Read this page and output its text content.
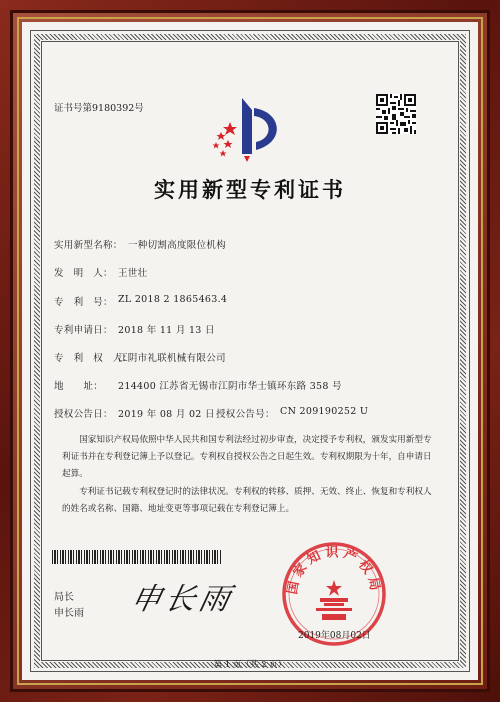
证书号第9180392号
实用新型专利证书
实用新型名称： 一种切割高度限位机构
发　明　人： 王世壮
专　利　号： ZL 2018 2 1865463.4
专利申请日： 2018 年 11 月 13 日
专　利　权　人：
江阴市礼联机械有限公司
地　　址： 214400 江苏省无锡市江阴市华士镇环东路 358 号
授权公告日： 2019 年 08 月 02 日 授权公告号： CN 209190252 U
国家知识产权局依照中华人民共和国专利法经过初步审查，决定授予专利权，颁发实用新型专利证书并在专利登记簿上予以登记。专利权自授权公告之日起生效。专利权期限为十年，自申请日起算。
专利证书记载专利权登记时的法律状况。专利权的转移、质押、无效、终止、恢复和专利权人的姓名或名称、国籍、地址变更等事项记载在专利登记簿上。
局长
申长雨 申长雨	国家知识产权局
2019年08月02日
第 1 页（共 2 页）
